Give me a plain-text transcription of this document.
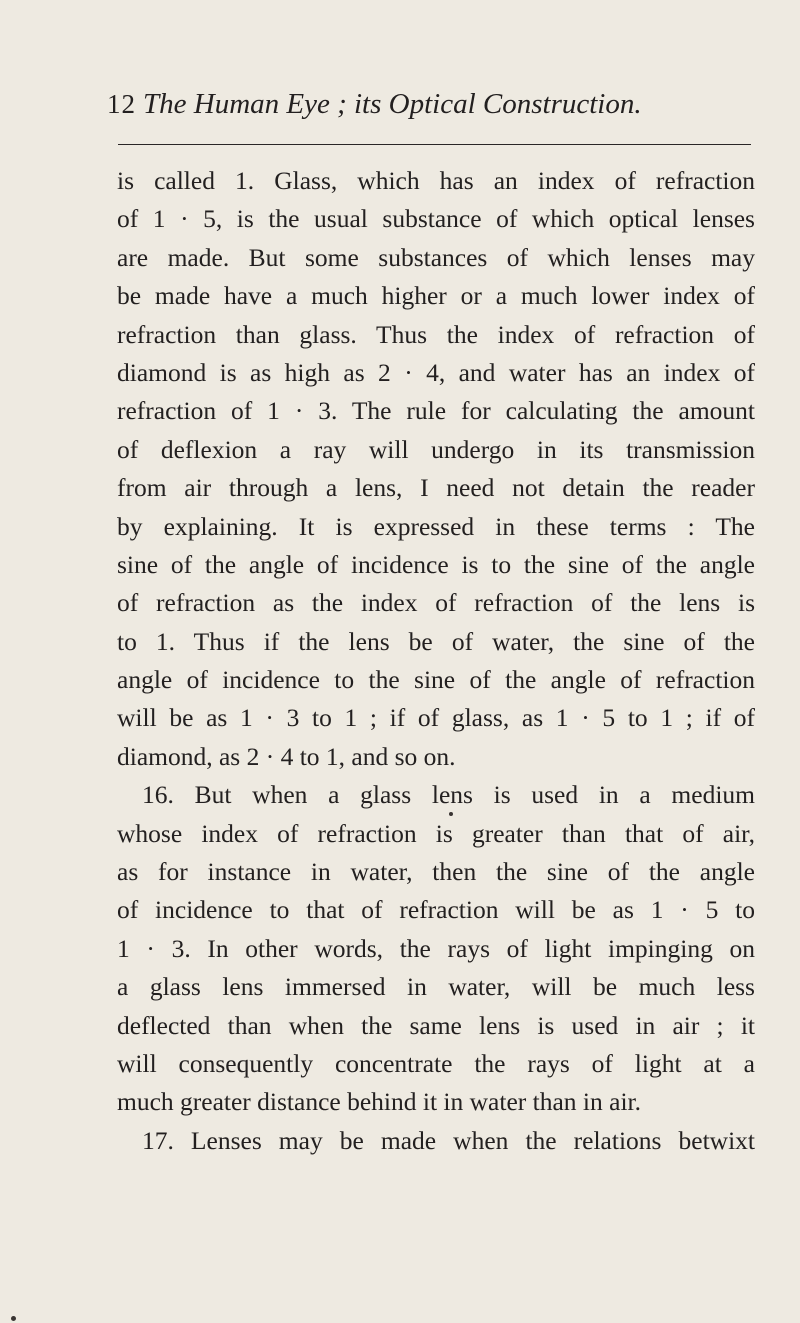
12 The Human Eye ; its Optical Construction.
is called 1. Glass, which has an index of refraction
of 1 · 5, is the usual substance of which optical lenses
are made. But some substances of which lenses may
be made have a much higher or a much lower index of
refraction than glass. Thus the index of refraction of
diamond is as high as 2 · 4, and water has an index of
refraction of 1 · 3. The rule for calculating the amount
of deflexion a ray will undergo in its transmission
from air through a lens, I need not detain the reader
by explaining. It is expressed in these terms : The
sine of the angle of incidence is to the sine of the angle
of refraction as the index of refraction of the lens is
to 1. Thus if the lens be of water, the sine of the
angle of incidence to the sine of the angle of refraction
will be as 1 · 3 to 1 ; if of glass, as 1 · 5 to 1 ; if of
diamond, as 2 · 4 to 1, and so on.
16. But when a glass lens is used in a medium
whose index of refraction is greater than that of air,
as for instance in water, then the sine of the angle
of incidence to that of refraction will be as 1 · 5 to
1 · 3. In other words, the rays of light impinging on
a glass lens immersed in water, will be much less
deflected than when the same lens is used in air ; it
will consequently concentrate the rays of light at a
much greater distance behind it in water than in air.
17. Lenses may be made when the relations betwixt
